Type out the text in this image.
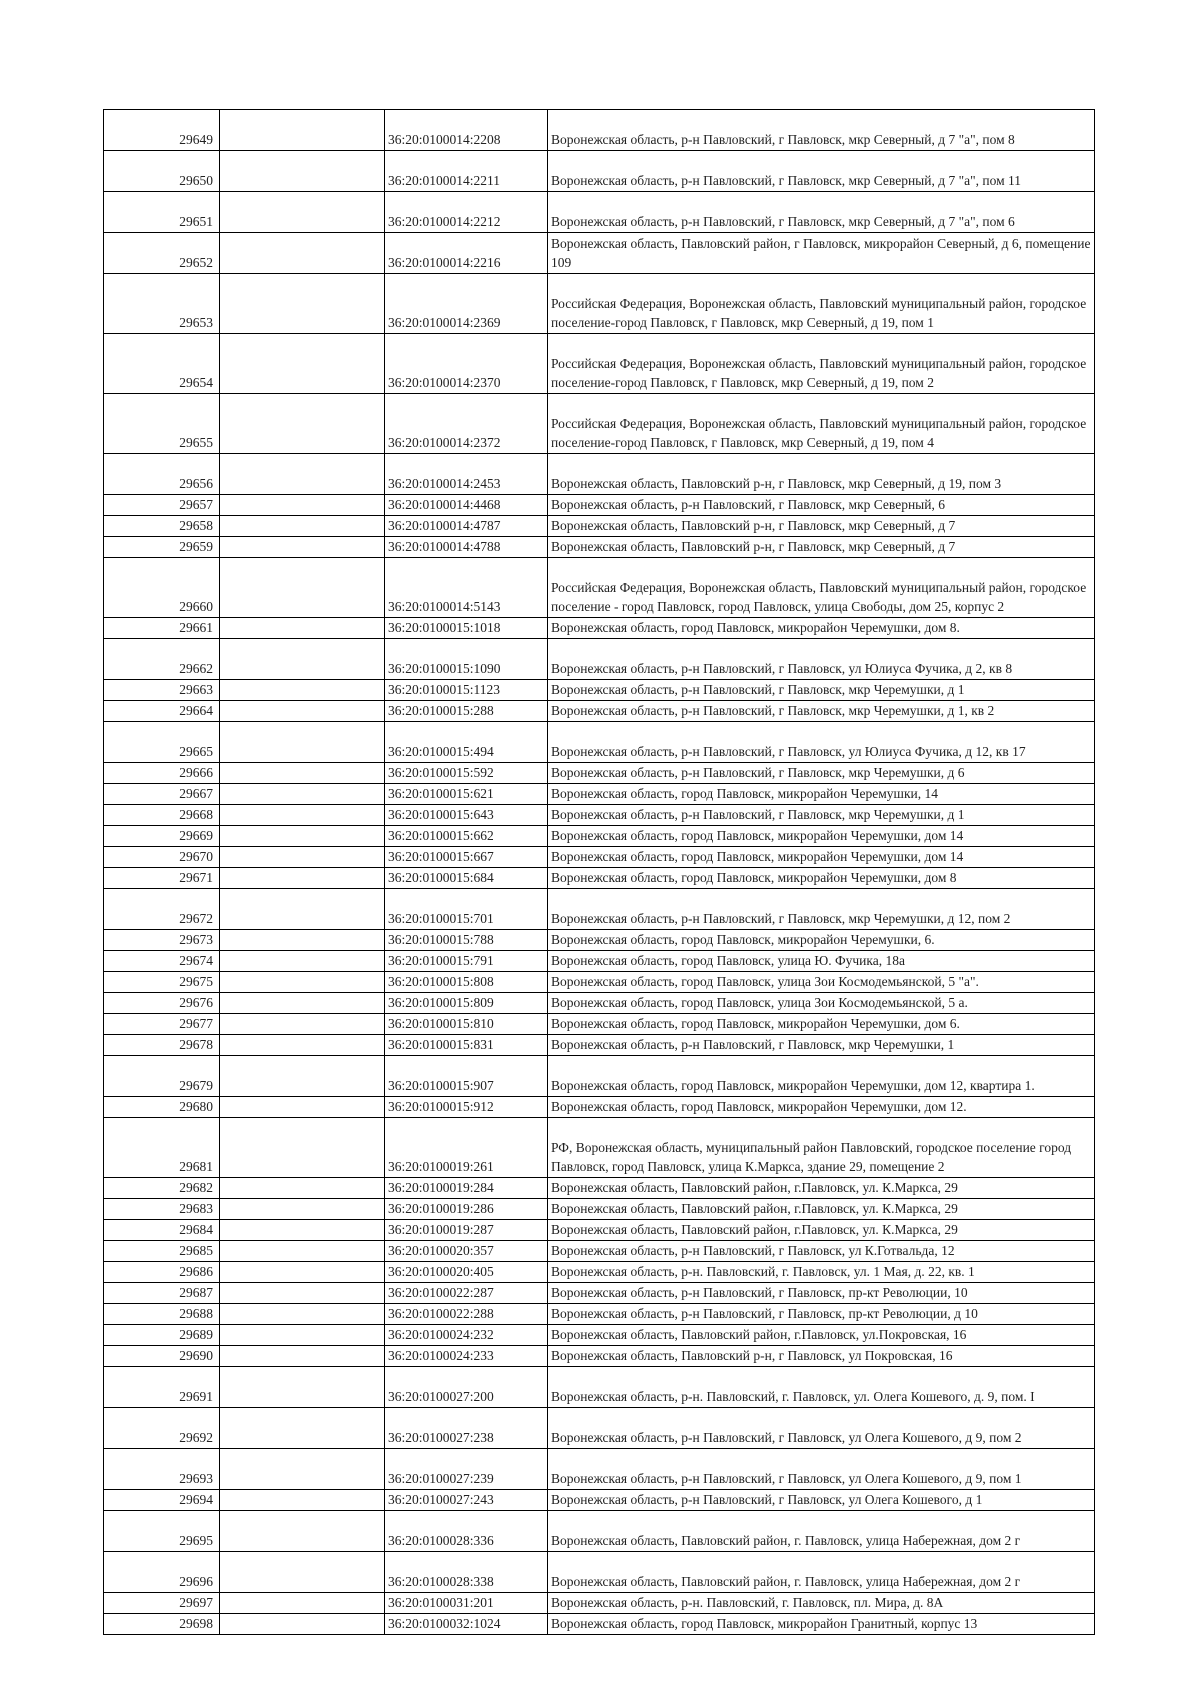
29649		36:20:0100014:2208	Воронежская область, р-н Павловский, г Павловск, мкр Северный, д 7 "а", пом 8
29650		36:20:0100014:2211	Воронежская область, р-н Павловский, г Павловск, мкр Северный, д 7 "а", пом 11
29651		36:20:0100014:2212	Воронежская область, р-н Павловский, г Павловск, мкр Северный, д 7 "а", пом 6
29652		36:20:0100014:2216	Воронежская область, Павловский район, г Павловск, микрорайон Северный, д 6, помещение 109
29653		36:20:0100014:2369	Российская Федерация, Воронежская область, Павловский муниципальный район, городское поселение-город Павловск, г Павловск, мкр Северный, д 19, пом 1
29654		36:20:0100014:2370	Российская Федерация, Воронежская область, Павловский муниципальный район, городское поселение-город Павловск, г Павловск, мкр Северный, д 19, пом 2
29655		36:20:0100014:2372	Российская Федерация, Воронежская область, Павловский муниципальный район, городское поселение-город Павловск, г Павловск, мкр Северный, д 19, пом 4
29656		36:20:0100014:2453	Воронежская область, Павловский р-н, г Павловск, мкр Северный, д 19, пом 3
29657		36:20:0100014:4468	Воронежская область, р-н Павловский, г Павловск, мкр Северный, 6
29658		36:20:0100014:4787	Воронежская область, Павловский р-н, г Павловск, мкр Северный, д 7
29659		36:20:0100014:4788	Воронежская область, Павловский р-н, г Павловск, мкр Северный, д 7
29660		36:20:0100014:5143	Российская Федерация, Воронежская область, Павловский муниципальный район, городское поселение - город Павловск, город Павловск, улица Свободы, дом 25, корпус 2
29661		36:20:0100015:1018	Воронежская область, город Павловск, микрорайон Черемушки, дом 8.
29662		36:20:0100015:1090	Воронежская область, р-н Павловский, г Павловск, ул Юлиуса Фучика, д 2, кв 8
29663		36:20:0100015:1123	Воронежская область, р-н Павловский, г Павловск, мкр Черемушки, д 1
29664		36:20:0100015:288	Воронежская область, р-н Павловский, г Павловск, мкр Черемушки, д 1, кв 2
29665		36:20:0100015:494	Воронежская область, р-н Павловский, г Павловск, ул Юлиуса Фучика, д 12, кв 17
29666		36:20:0100015:592	Воронежская область, р-н Павловский, г Павловск, мкр Черемушки, д 6
29667		36:20:0100015:621	Воронежская область, город Павловск, микрорайон Черемушки, 14
29668		36:20:0100015:643	Воронежская область, р-н Павловский, г Павловск, мкр Черемушки, д 1
29669		36:20:0100015:662	Воронежская область, город Павловск, микрорайон Черемушки, дом 14
29670		36:20:0100015:667	Воронежская область, город Павловск, микрорайон Черемушки, дом 14
29671		36:20:0100015:684	Воронежская область, город Павловск, микрорайон Черемушки, дом 8
29672		36:20:0100015:701	Воронежская область, р-н Павловский, г Павловск, мкр Черемушки, д 12, пом 2
29673		36:20:0100015:788	Воронежская область, город Павловск, микрорайон Черемушки, 6.
29674		36:20:0100015:791	Воронежская область, город Павловск, улица Ю. Фучика, 18а
29675		36:20:0100015:808	Воронежская область, город Павловск, улица Зои Космодемьянской, 5 "а".
29676		36:20:0100015:809	Воронежская область, город Павловск, улица Зои Космодемьянской, 5 а.
29677		36:20:0100015:810	Воронежская область, город Павловск, микрорайон Черемушки, дом 6.
29678		36:20:0100015:831	Воронежская область, р-н Павловский, г Павловск, мкр Черемушки, 1
29679		36:20:0100015:907	Воронежская область, город Павловск, микрорайон Черемушки, дом 12, квартира 1.
29680		36:20:0100015:912	Воронежская область, город Павловск, микрорайон Черемушки, дом 12.
29681		36:20:0100019:261	РФ, Воронежская область, муниципальный район Павловский, городское поселение город Павловск, город Павловск, улица К.Маркса, здание 29, помещение 2
29682		36:20:0100019:284	Воронежская область, Павловский район, г.Павловск, ул. К.Маркса, 29
29683		36:20:0100019:286	Воронежская область, Павловский район, г.Павловск, ул. К.Маркса, 29
29684		36:20:0100019:287	Воронежская область, Павловский район, г.Павловск, ул. К.Маркса, 29
29685		36:20:0100020:357	Воронежская область, р-н Павловский, г Павловск, ул К.Готвальда, 12
29686		36:20:0100020:405	Воронежская область, р-н. Павловский, г. Павловск, ул. 1 Мая, д. 22, кв. 1
29687		36:20:0100022:287	Воронежская область, р-н Павловский, г Павловск, пр-кт Революции, 10
29688		36:20:0100022:288	Воронежская область, р-н Павловский, г Павловск, пр-кт Революции, д 10
29689		36:20:0100024:232	Воронежская область, Павловский район, г.Павловск, ул.Покровская, 16
29690		36:20:0100024:233	Воронежская область, Павловский р-н, г Павловск, ул Покровская, 16
29691		36:20:0100027:200	Воронежская область, р-н. Павловский, г. Павловск, ул. Олега Кошевого, д. 9, пом. I
29692		36:20:0100027:238	Воронежская область, р-н Павловский, г Павловск, ул Олега Кошевого, д 9, пом 2
29693		36:20:0100027:239	Воронежская область, р-н Павловский, г Павловск, ул Олега Кошевого, д 9, пом 1
29694		36:20:0100027:243	Воронежская область, р-н Павловский, г Павловск, ул Олега Кошевого, д 1
29695		36:20:0100028:336	Воронежская область, Павловский район, г. Павловск, улица Набережная, дом 2 г
29696		36:20:0100028:338	Воронежская область, Павловский район, г. Павловск, улица Набережная, дом 2 г
29697		36:20:0100031:201	Воронежская область, р-н. Павловский, г. Павловск, пл. Мира, д. 8А
29698		36:20:0100032:1024	Воронежская область, город Павловск, микрорайон Гранитный, корпус 13
